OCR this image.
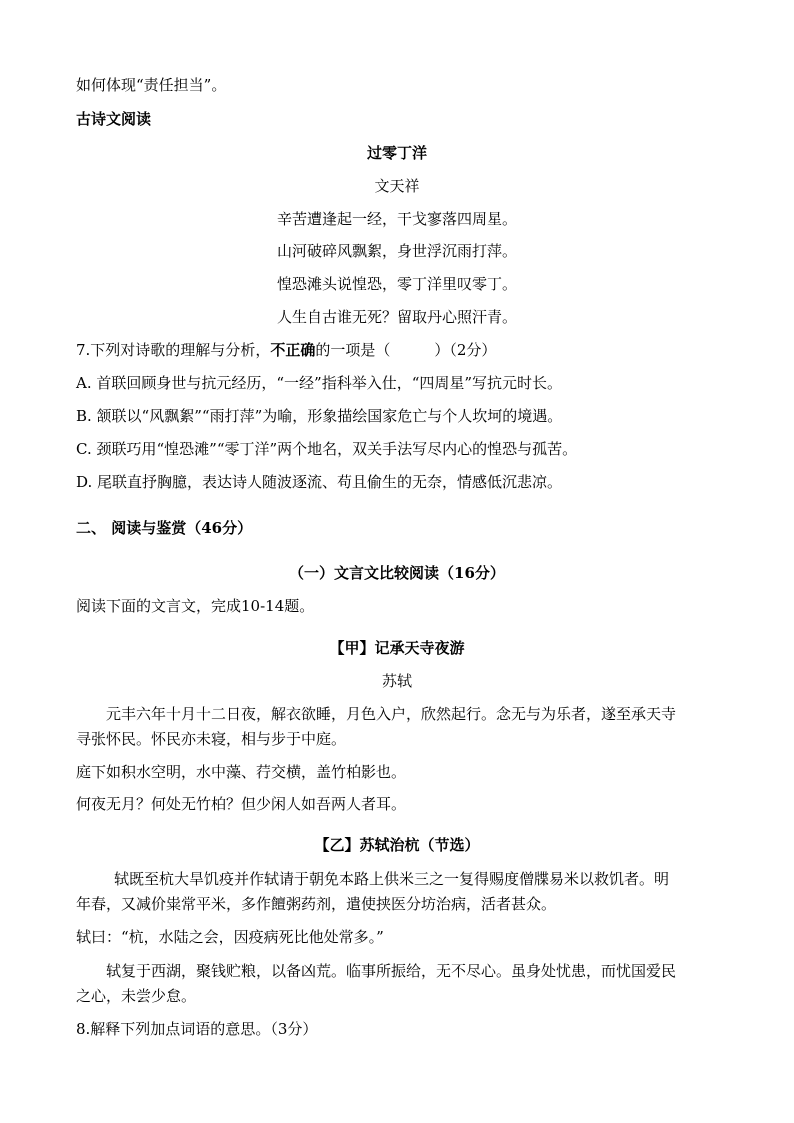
如何体现“责任担当”。
古诗文阅读
过零丁洋
文天祥
辛苦遭逢起一经，干戈寥落四周星。
山河破碎风飘絮，身世浮沉雨打萍。
惶恐滩头说惶恐，零丁洋里叹零丁。
人生自古谁无死？留取丹心照汗青。
7.下列对诗歌的理解与分析，不正确的一项是（	）（2分）
A. 首联回顾身世与抗元经历，“一经”指科举入仕，“四周星”写抗元时长。
B. 颔联以“风飘絮”“雨打萍”为喻，形象描绘国家危亡与个人坎坷的境遇。
C. 颈联巧用“惶恐滩”“零丁洋”两个地名，双关手法写尽内心的惶恐与孤苦。
D. 尾联直抒胸臆，表达诗人随波逐流、苟且偷生的无奈，情感低沉悲凉。
二、 阅读与鉴赏（46分）
（一）文言文比较阅读（16分）
阅读下面的文言文，完成10-14题。
【甲】记承天寺夜游
苏轼
元丰六年十月十二日夜，解衣欲睡，月色入户，欣然起行。念无与为乐者，遂至承天寺
寻张怀民。怀民亦未寝，相与步于中庭。
庭下如积水空明，水中藻、荇交横，盖竹柏影也。
何夜无月？何处无竹柏？但少闲人如吾两人者耳。
【乙】苏轼治杭（节选）
轼既至杭大旱饥疫并作轼请于朝免本路上供米三之一复得赐度僧牒易米以救饥者。明
年春，又减价粜常平米，多作饘粥药剂，遣使挟医分坊治病，活者甚众。
轼曰：“杭，水陆之会，因疫病死比他处常多。”
轼复于西湖，聚钱贮粮，以备凶荒。临事所振给，无不尽心。虽身处忧患，而忧国爱民
之心，未尝少怠。
8.解释下列加点词语的意思。（3分）
